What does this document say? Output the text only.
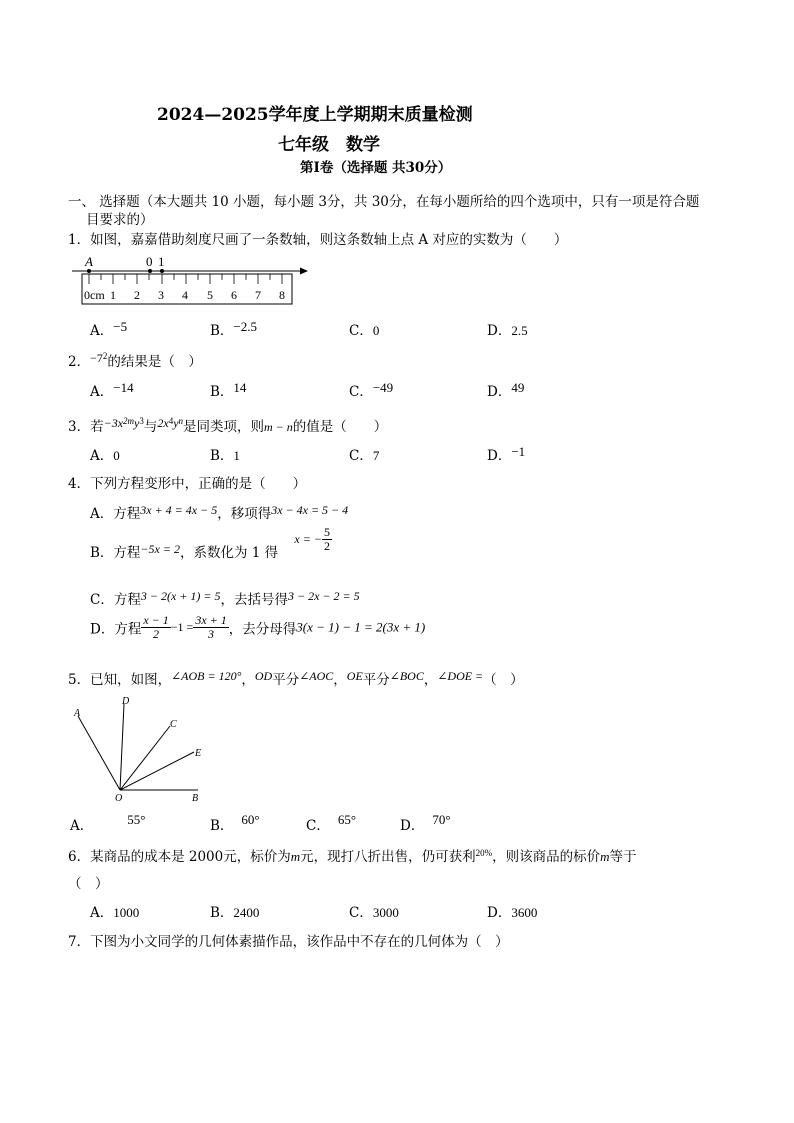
2024—2025学年度上学期期末质量检测
七年级　数学
第Ⅰ卷（选择题 共30分）
一、 选择题（本大题共 10 小题，每小题 3分，共 30分，在每小题所给的四个选项中，只有一项是符合题
目要求的）
1．如图，嘉嘉借助刻度尺画了一条数轴，则这条数轴上点 A 对应的实数为（　　）
A	0 1
0cm 1 2 3 4 5 6 7 8
A．−5	B．−2.5	C．0	D．2.5
2．$-7^2$的结果是（　）
A．−14	B．14	C．−49	D．49
3．若$-3x^{2m}y^3$与$2x^4y^n$是同类项，则m − n的值是（　　）
A．0	B．1	C．7	D．−1
4．下列方程变形中，正确的是（　　）
A．方程3x + 4 = 4x − 5，移项得3x − 4x = 5 − 4
B．方程−5x = 2，系数化为 1 得 x = − $\frac{5}{2}$
C．方程3 − 2(x + 1) = 5，去括号得3 − 2x − 2 = 5
D．方程 $\frac{x - 1}{2} -1 = \frac{3x + 1}{3}$ ，去分母得3(x − 1) − 1 = 2(3x + 1)
5．已知，如图，∠AOB = 120°，OD平分∠AOC，OE平分∠BOC，∠DOE =（　）
A
D
C
E
O	B
A．	55°	B． 60°	C． 65°	D． 70°
6．某商品的成本是 2000元，标价为m元，现打八折出售，仍可获利$^{20\%}$，则该商品的标价m等于
（　）
A．1000	B．2400	C．3000	D．3600
7．下图为小文同学的几何体素描作品，该作品中不存在的几何体为（　）
